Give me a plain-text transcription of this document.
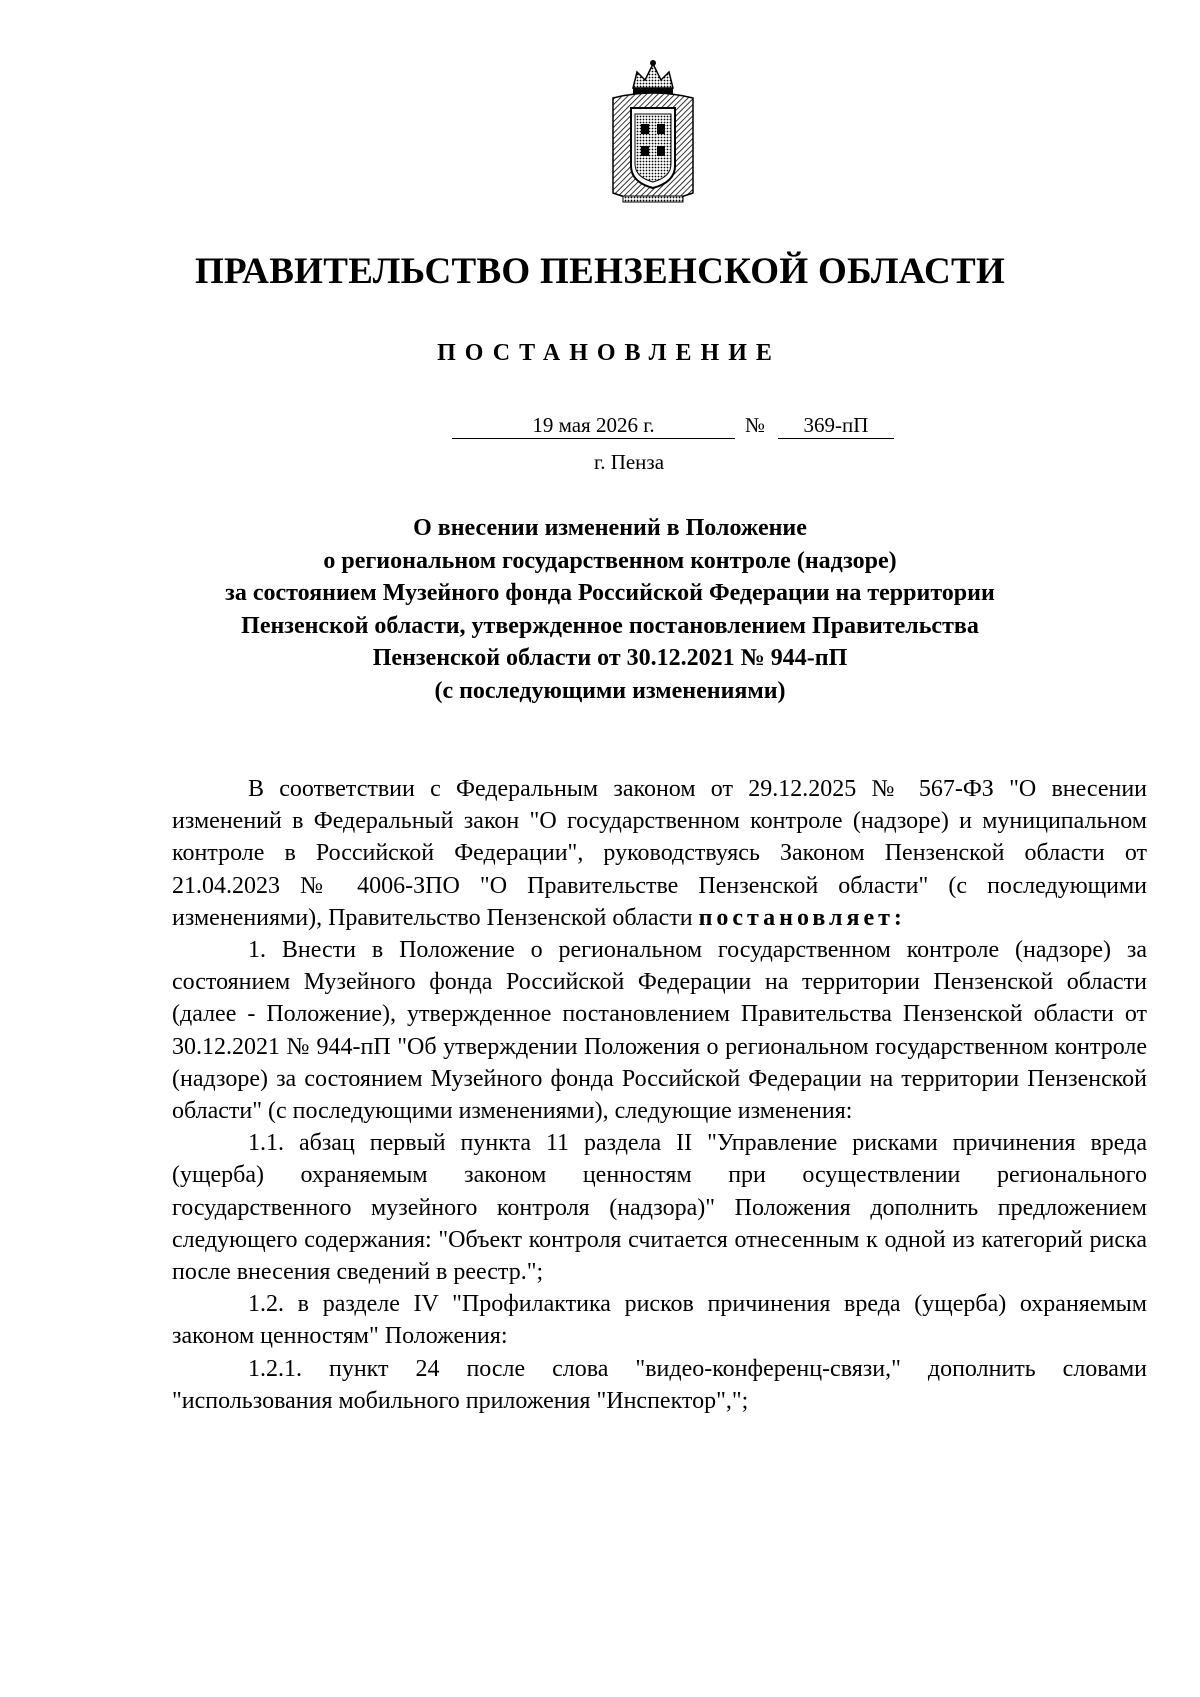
ПРАВИТЕЛЬСТВО ПЕНЗЕНСКОЙ ОБЛАСТИ
ПОСТАНОВЛЕНИЕ
19 мая 2026 г.	№	369-пП
г. Пенза
О внесении изменений в Положение
о региональном государственном контроле (надзоре)
за состоянием Музейного фонда Российской Федерации на территории
Пензенской области, утвержденное постановлением Правительства
Пензенской области от 30.12.2021 № 944-пП
(с последующими изменениями)

В соответствии с Федеральным законом от 29.12.2025 № 567-ФЗ "О внесении изменений в Федеральный закон "О государственном контроле (надзоре) и муниципальном контроле в Российской Федерации", руководствуясь Законом Пензенской области от 21.04.2023 № 4006-ЗПО "О Правительстве Пензенской области" (с последующими изменениями), Правительство Пензенской области постановляет:

1. Внести в Положение о региональном государственном контроле (надзоре) за состоянием Музейного фонда Российской Федерации на территории Пензенской области (далее - Положение), утвержденное постановлением Правительства Пензенской области от 30.12.2021 № 944-пП "Об утверждении Положения о региональном государственном контроле (надзоре) за состоянием Музейного фонда Российской Федерации на территории Пензенской области" (с последующими изменениями), следующие изменения:

1.1. абзац первый пункта 11 раздела II "Управление рисками причинения вреда (ущерба) охраняемым законом ценностям при осуществлении регионального государственного музейного контроля (надзора)" Положения дополнить предложением следующего содержания: "Объект контроля считается отнесенным к одной из категорий риска после внесения сведений в реестр.";

1.2. в разделе IV "Профилактика рисков причинения вреда (ущерба) охраняемым законом ценностям" Положения:

1.2.1. пункт 24 после слова "видео-конференц-связи," дополнить словами "использования мобильного приложения "Инспектор",";
